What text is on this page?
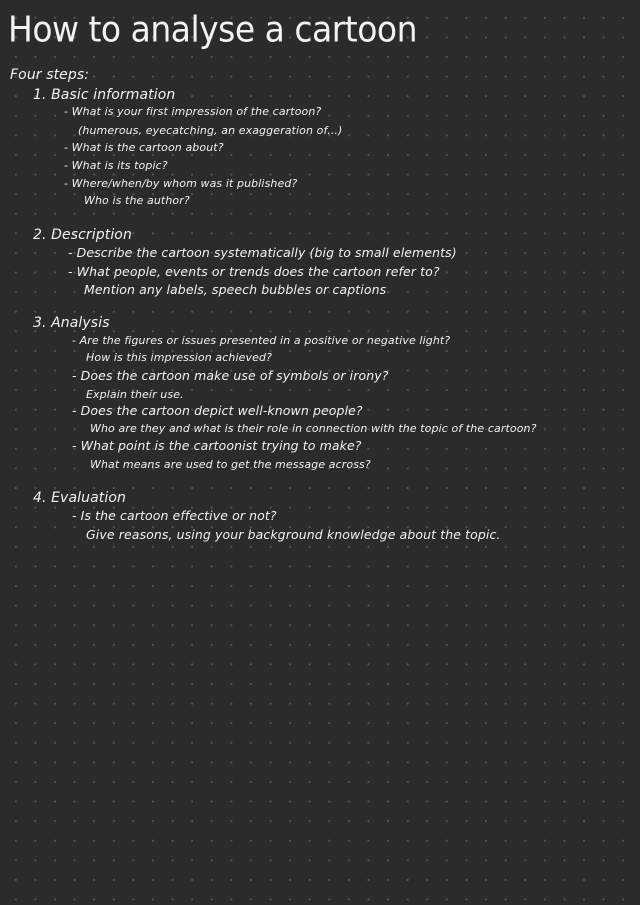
How to analyse a cartoon
Four steps:
1. Basic information
- What is your first impression of the cartoon?
(humerous, eyecatching, an exaggeration of...)
- What is the cartoon about?
- What is its topic?
- Where/when/by whom was it published?
Who is the author?
2. Description
- Describe the cartoon systematically (big to small elements)
- What people, events or trends does the cartoon refer to?
Mention any labels, speech bubbles or captions
3. Analysis
- Are the figures or issues presented in a positive or negative light?
How is this impression achieved?
- Does the cartoon make use of symbols or irony?
Explain their use.
- Does the cartoon depict well-known people?
Who are they and what is their role in connection with the topic of the cartoon?
- What point is the cartoonist trying to make?
What means are used to get the message across?
4. Evaluation
- Is the cartoon effective or not?
Give reasons, using your background knowledge about the topic.
